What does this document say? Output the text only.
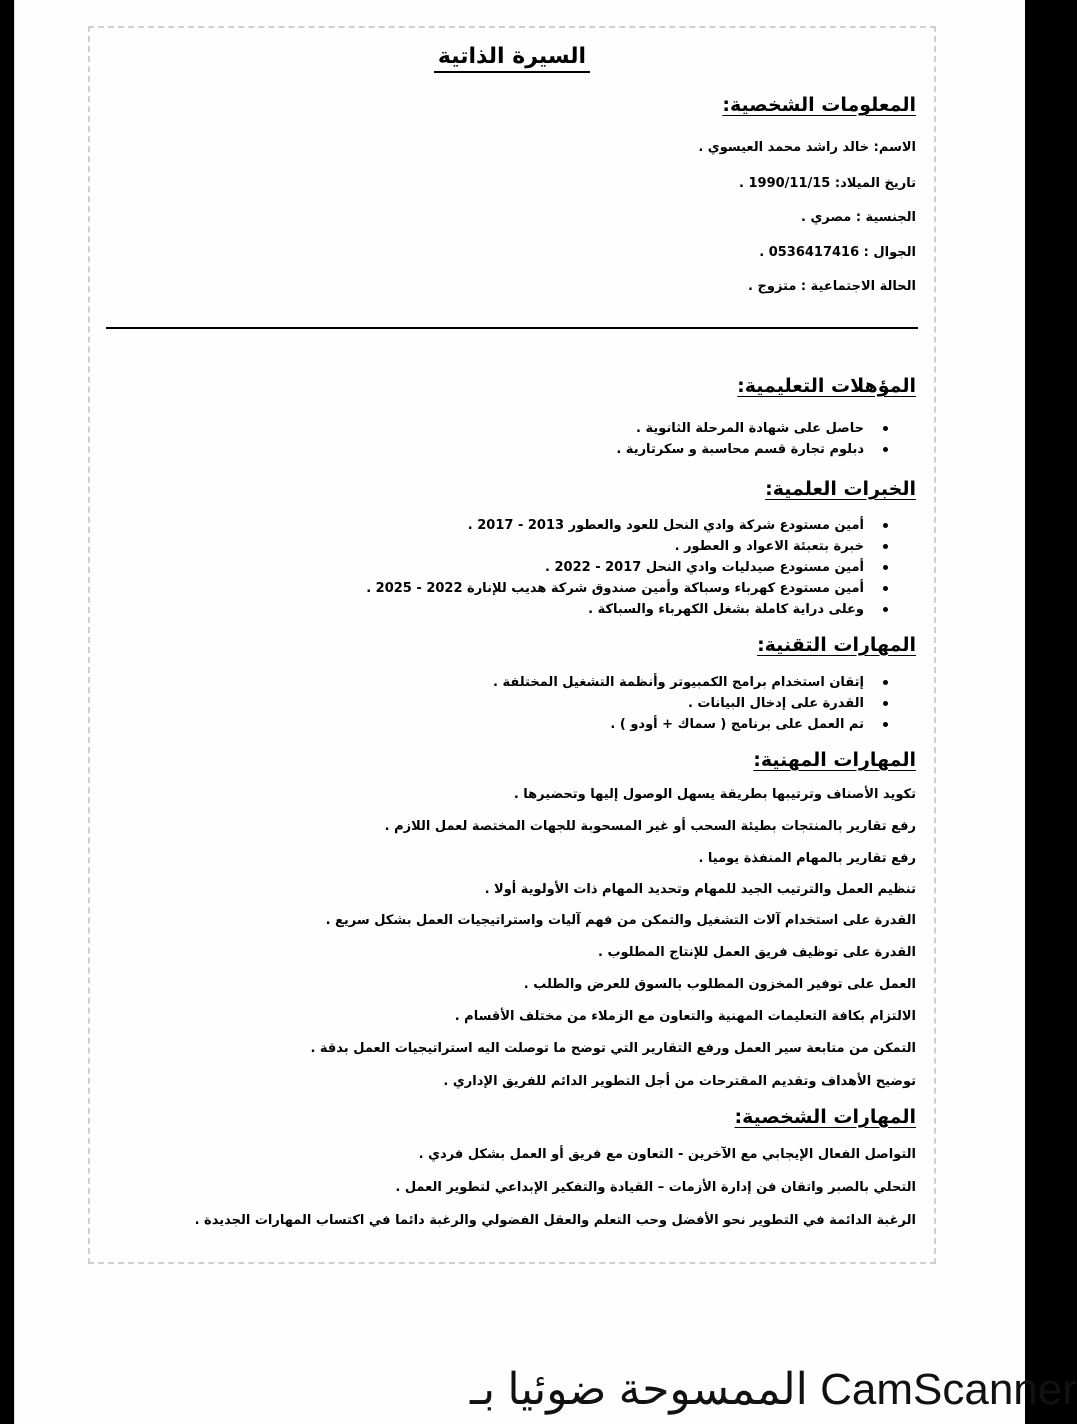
السيرة الذاتية
المعلومات الشخصية:

الاسم: خالد راشد محمد العيسوي .

تاريخ الميلاد: 1990/11/15 .

الجنسية : مصري .

الجوال : 0536417416 .

الحالة الاجتماعية : متزوج .

المؤهلات التعليمية:
حاصل على شهادة المرحلة الثانوية .
دبلوم تجارة قسم محاسبة و سكرتارية .
الخبرات العلمية:
أمين مستودع شركة وادي النحل للعود والعطور 2013 - 2017 .
خبرة بتعبئة الاعواد و العطور .
أمين مستودع صيدليات وادي النحل 2017 - 2022 .
أمين مستودع كهرباء وسباكة وأمين صندوق شركة هديب للإنارة 2022 - 2025 .
وعلى دراية كاملة بشغل الكهرباء والسباكة .
المهارات التقنية:
إتقان استخدام برامج الكمبيوتر وأنظمة التشغيل المختلفة .
القدرة على إدخال البيانات .
تم العمل على برنامج ( سماك + أودو ) .
المهارات المهنية:

تكويد الأصناف وترتيبها بطريقة يسهل الوصول إليها وتحضيرها .

رفع تقارير بالمنتجات بطيئة السحب أو غير المسحوبة للجهات المختصة لعمل اللازم .

رفع تقارير بالمهام المنفذة يوميا .

تنظيم العمل والترتيب الجيد للمهام وتحديد المهام ذات الأولوية أولا .

القدرة على استخدام آلات التشغيل والتمكن من فهم آليات واستراتيجيات العمل بشكل سريع .

القدرة على توظيف فريق العمل للإنتاج المطلوب .

العمل على توفير المخزون المطلوب بالسوق للعرض والطلب .

الالتزام بكافة التعليمات المهنية والتعاون مع الزملاء من مختلف الأقسام .

التمكن من متابعة سير العمل ورفع التقارير التي توضح ما توصلت اليه استراتيجيات العمل بدقة .

توضيح الأهداف وتقديم المقترحات من أجل التطوير الدائم للفريق الإداري .

المهارات الشخصية:

التواصل الفعال الإيجابي مع الآخرين - التعاون مع فريق أو العمل بشكل فردي .

التحلي بالصبر واتقان فن إدارة الأزمات – القيادة والتفكير الإبداعي لتطوير العمل .

الرغبة الدائمة في التطوير نحو الأفضل وحب التعلم والعقل الفضولي والرغبة دائما في اكتساب المهارات الجديدة .

الممسوحة ضوئيا بـ CamScanner
